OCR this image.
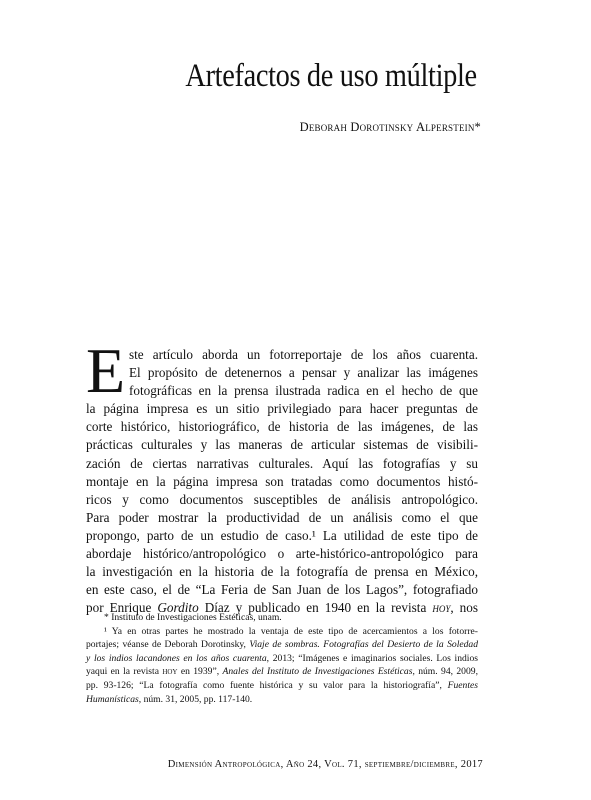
Artefactos de uso múltiple
Deborah Dorotinsky Alperstein*
E ste artículo aborda un fotorreportaje de los años cuarenta.
El propósito de detenernos a pensar y analizar las imágenes
fotográficas en la prensa ilustrada radica en el hecho de que
la página impresa es un sitio privilegiado para hacer preguntas de
corte histórico, historiográfico, de historia de las imágenes, de las
prácticas culturales y las maneras de articular sistemas de visibili-
zación de ciertas narrativas culturales. Aquí las fotografías y su
montaje en la página impresa son tratadas como documentos histó-
ricos y como documentos susceptibles de análisis antropológico.
Para poder mostrar la productividad de un análisis como el que
propongo, parto de un estudio de caso.¹ La utilidad de este tipo de
abordaje histórico/antropológico o arte-histórico-antropológico para
la investigación en la historia de la fotografía de prensa en México,
en este caso, el de “La Feria de San Juan de los Lagos”, fotografiado
por Enrique Gordito Díaz y publicado en 1940 en la revista hoy, nos
* Instituto de Investigaciones Estéticas, unam.
¹ Ya en otras partes he mostrado la ventaja de este tipo de acercamientos a los fotorre-
portajes; véanse de Deborah Dorotinsky, Viaje de sombras. Fotografías del Desierto de la Soledad
y los indios lacandones en los años cuarenta, 2013; “Imágenes e imaginarios sociales. Los indios
yaqui en la revista hoy en 1939”, Anales del Instituto de Investigaciones Estéticas, núm. 94, 2009,
pp. 93-126; “La fotografía como fuente histórica y su valor para la historiografía”, Fuentes
Humanísticas, núm. 31, 2005, pp. 117-140.
Dimensión Antropológica, Año 24, Vol. 71, septiembre/diciembre, 2017
